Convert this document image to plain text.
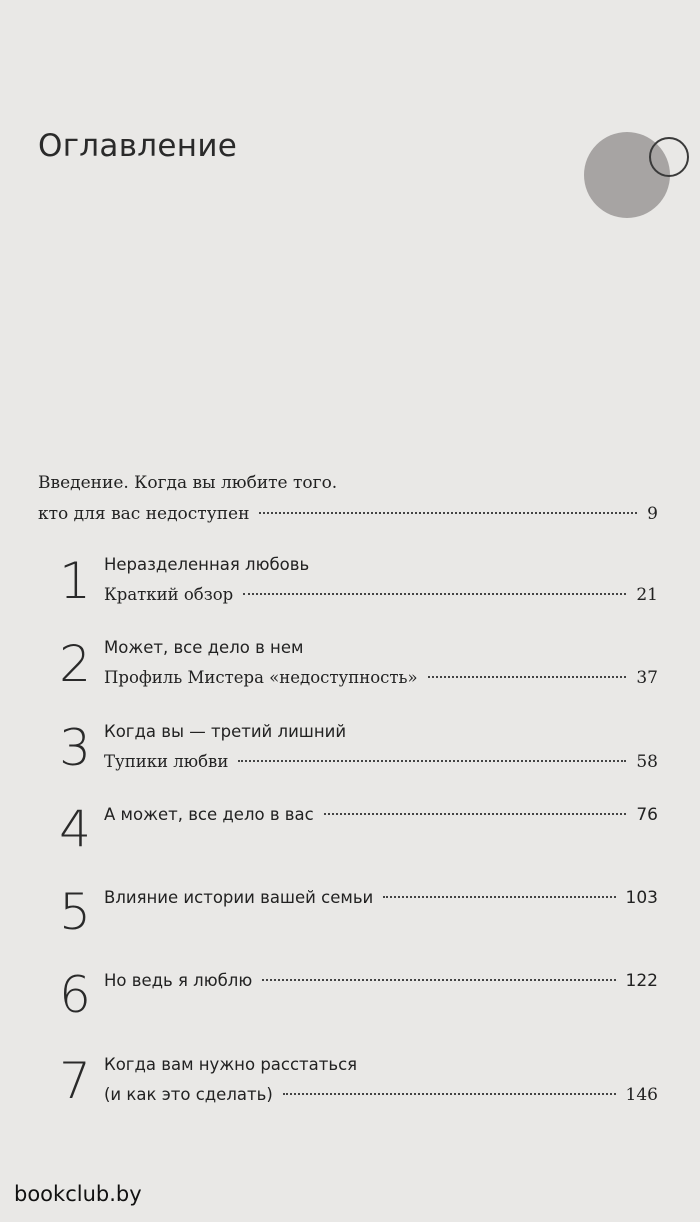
Оглавление
Введение. Когда вы любите того.
кто для вас недоступен	9
1 Неразделенная любовь
Краткий обзор	21
2 Может, все дело в нем
Профиль Мистера «недоступность»	37
3 Когда вы — третий лишний
Тупики любви	58
4 А может, все дело в вас	76
5 Влияние истории вашей семьи	103
6 Но ведь я люблю	122
7 Когда вам нужно расстаться
(и как это сделать)	146
bookclub.by
